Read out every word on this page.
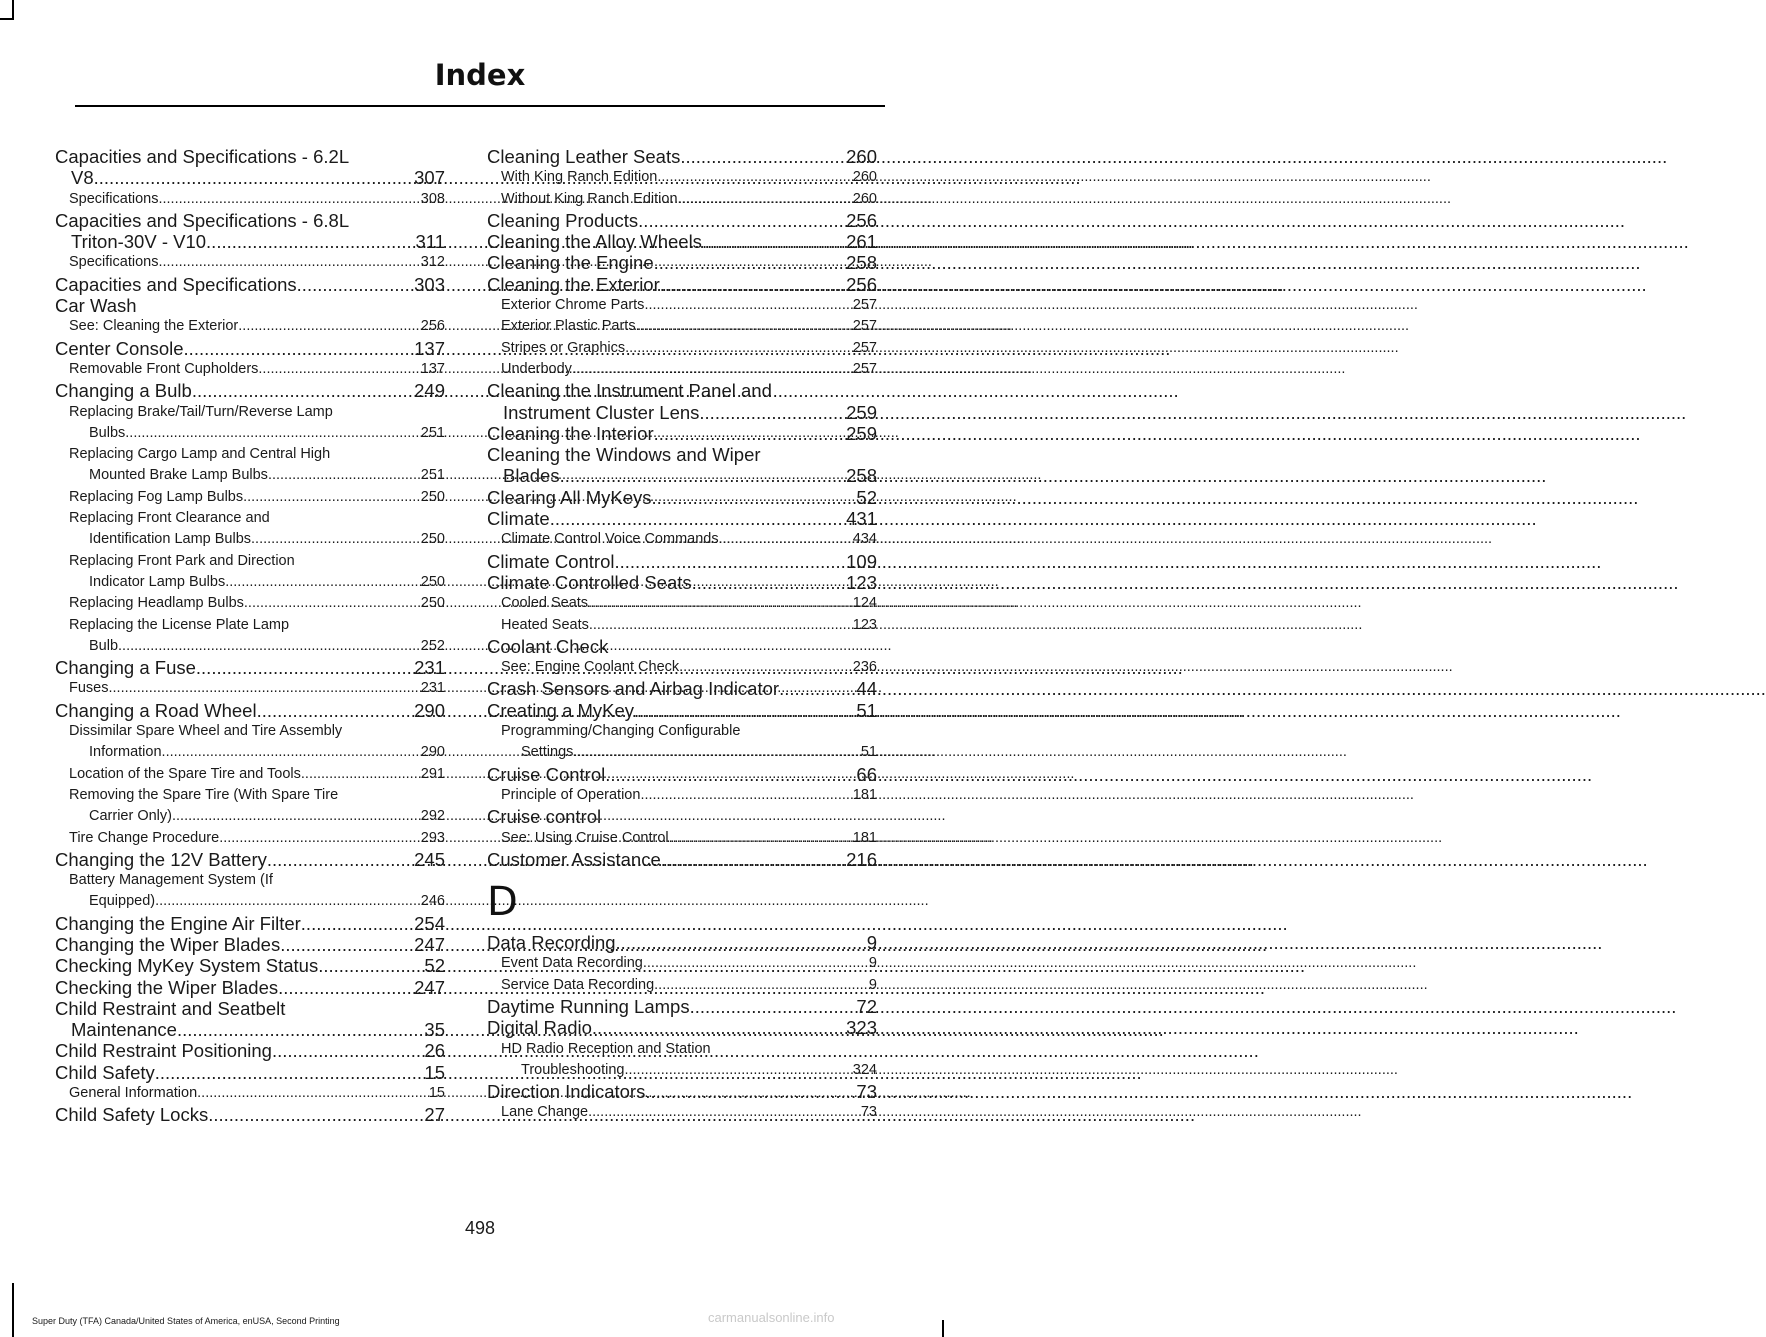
Index
Capacities and Specifications - 6.2L
V8 .....	307
Specifications .....	308
Capacities and Specifications - 6.8L
Triton-30V - V10 .....	311
Specifications .....	312
Capacities and Specifications .....	303
Car Wash
See: Cleaning the Exterior .....	256
Center Console .....	137
Removable Front Cupholders .....	137
Changing a Bulb .....	249
Replacing Brake/Tail/Turn/Reverse Lamp
Bulbs .....	251
Replacing Cargo Lamp and Central High
Mounted Brake Lamp Bulbs .....	251
Replacing Fog Lamp Bulbs .....	250
Replacing Front Clearance and
Identification Lamp Bulbs .....	250
Replacing Front Park and Direction
Indicator Lamp Bulbs .....	250
Replacing Headlamp Bulbs .....	250
Replacing the License Plate Lamp
Bulb .....	252
Changing a Fuse .....	231
Fuses .....	231
Changing a Road Wheel .....	290
Dissimilar Spare Wheel and Tire Assembly
Information .....	290
Location of the Spare Tire and Tools .....	291
Removing the Spare Tire (With Spare Tire
Carrier Only) .....	292
Tire Change Procedure .....	293
Changing the 12V Battery .....	245
Battery Management System (If
Equipped) .....	246
Changing the Engine Air Filter .....	254
Changing the Wiper Blades .....	247
Checking MyKey System Status .....	52
Checking the Wiper Blades .....	247
Child Restraint and Seatbelt
Maintenance .....	35
Child Restraint Positioning .....	26
Child Safety .....	15
General Information .....	15
Child Safety Locks .....	27
Cleaning Leather Seats .....	260
With King Ranch Edition .....	260
Without King Ranch Edition .....	260
Cleaning Products .....	256
Cleaning the Alloy Wheels .....	261
Cleaning the Engine .....	258
Cleaning the Exterior .....	256
Exterior Chrome Parts .....	257
Exterior Plastic Parts .....	257
Stripes or Graphics .....	257
Underbody .....	257
Cleaning the Instrument Panel and
Instrument Cluster Lens .....	259
Cleaning the Interior .....	259
Cleaning the Windows and Wiper
Blades .....	258
Clearing All MyKeys .....	52
Climate .....	431
Climate Control Voice Commands .....	434
Climate Control .....	109
Climate Controlled Seats .....	123
Cooled Seats .....	124
Heated Seats .....	123
Coolant Check
See: Engine Coolant Check .....	236
Crash Sensors and Airbag Indicator .....	44
Creating a MyKey .....	51
Programming/Changing Configurable
Settings .....	51
Cruise Control .....	66
Principle of Operation .....	181
Cruise control
See: Using Cruise Control .....	181
Customer Assistance .....	216
D
Data Recording .....	9
Event Data Recording .....	9
Service Data Recording .....	9
Daytime Running Lamps .....	72
Digital Radio .....	323
HD Radio Reception and Station
Troubleshooting .....	324
Direction Indicators .....	73
Lane Change .....	73
498
Super Duty (TFA) Canada/United States of America, enUSA, Second Printing	carmanualsonline.info
